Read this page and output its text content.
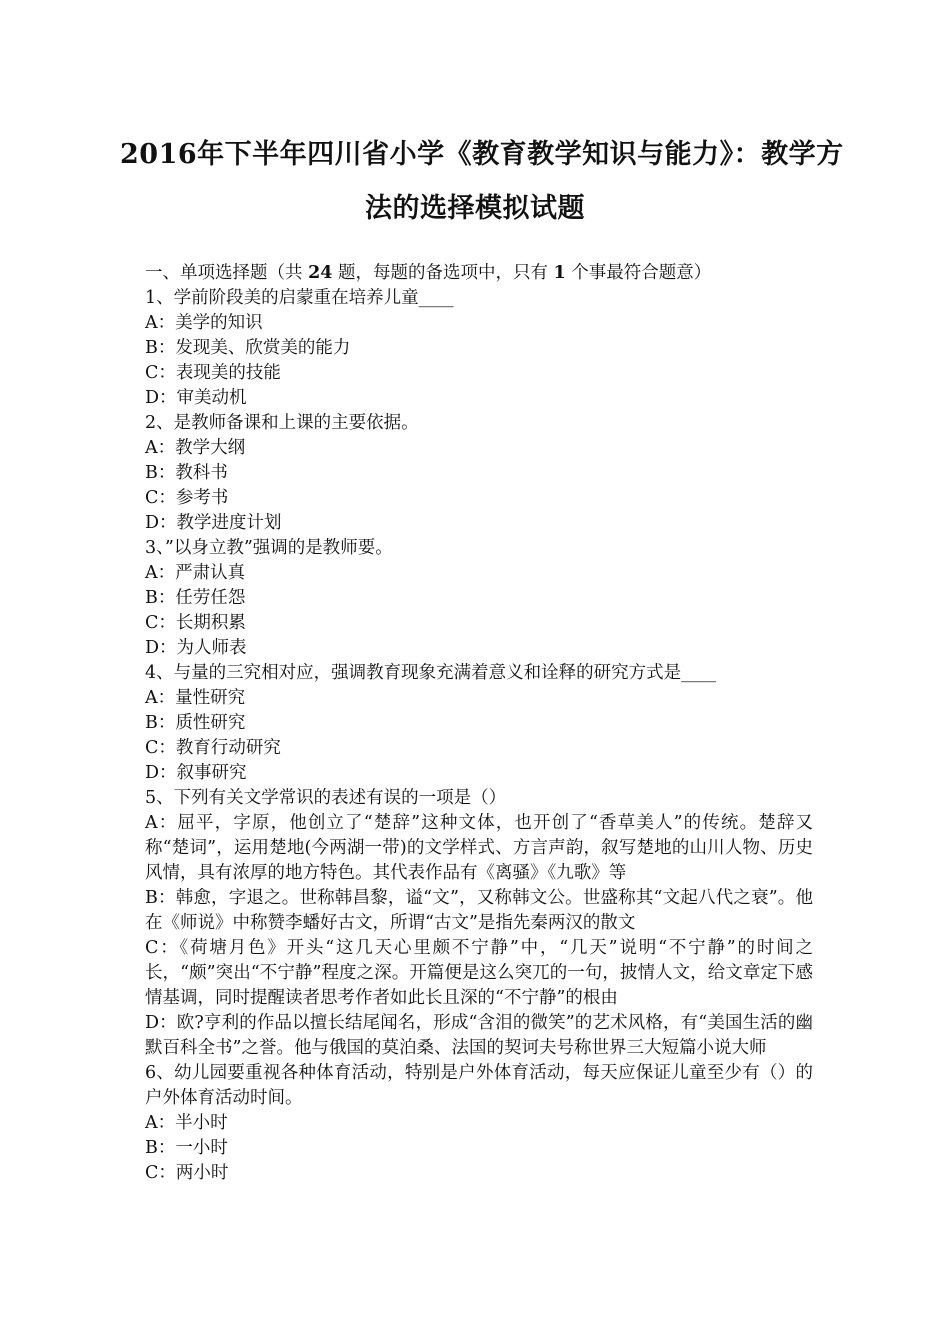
2016年下半年四川省小学《教育教学知识与能力》：教学方
法的选择模拟试题
一、单项选择题（共 24 题，每题的备选项中，只有 1 个事最符合题意）
1、学前阶段美的启蒙重在培养儿童____
A：美学的知识
B：发现美、欣赏美的能力
C：表现美的技能
D：审美动机
2、是教师备课和上课的主要依据。
A：教学大纲
B：教科书
C：参考书
D：教学进度计划
3、”以身立教”强调的是教师要。
A：严肃认真
B：任劳任怨
C：长期积累
D：为人师表
4、与量的三究相对应，强调教育现象充满着意义和诠释的研究方式是____
A：量性研究
B：质性研究
C：教育行动研究
D：叙事研究
5、下列有关文学常识的表述有误的一项是（）
A：屈平，字原，他创立了“楚辞”这种文体，也开创了“香草美人”的传统。楚辞又称“楚词”，运用楚地(今两湖一带)的文学样式、方言声韵，叙写楚地的山川人物、历史风情，具有浓厚的地方特色。其代表作品有《离骚》《九歌》等
B：韩愈，字退之。世称韩昌黎，谥“文”，又称韩文公。世盛称其“文起八代之衰”。他在《师说》中称赞李蟠好古文，所谓“古文”是指先秦两汉的散文
C：《荷塘月色》开头“这几天心里颇不宁静”中，“几天”说明“不宁静”的时间之长，“颇”突出“不宁静”程度之深。开篇便是这么突兀的一句，披情人文，给文章定下感情基调，同时提醒读者思考作者如此长且深的“不宁静”的根由
D：欧?亨利的作品以擅长结尾闻名，形成“含泪的微笑”的艺术风格，有“美国生活的幽默百科全书”之誉。他与俄国的莫泊桑、法国的契诃夫号称世界三大短篇小说大师
6、幼儿园要重视各种体育活动，特别是户外体育活动，每天应保证儿童至少有（）的户外体育活动时间。
A：半小时
B：一小时
C：两小时
